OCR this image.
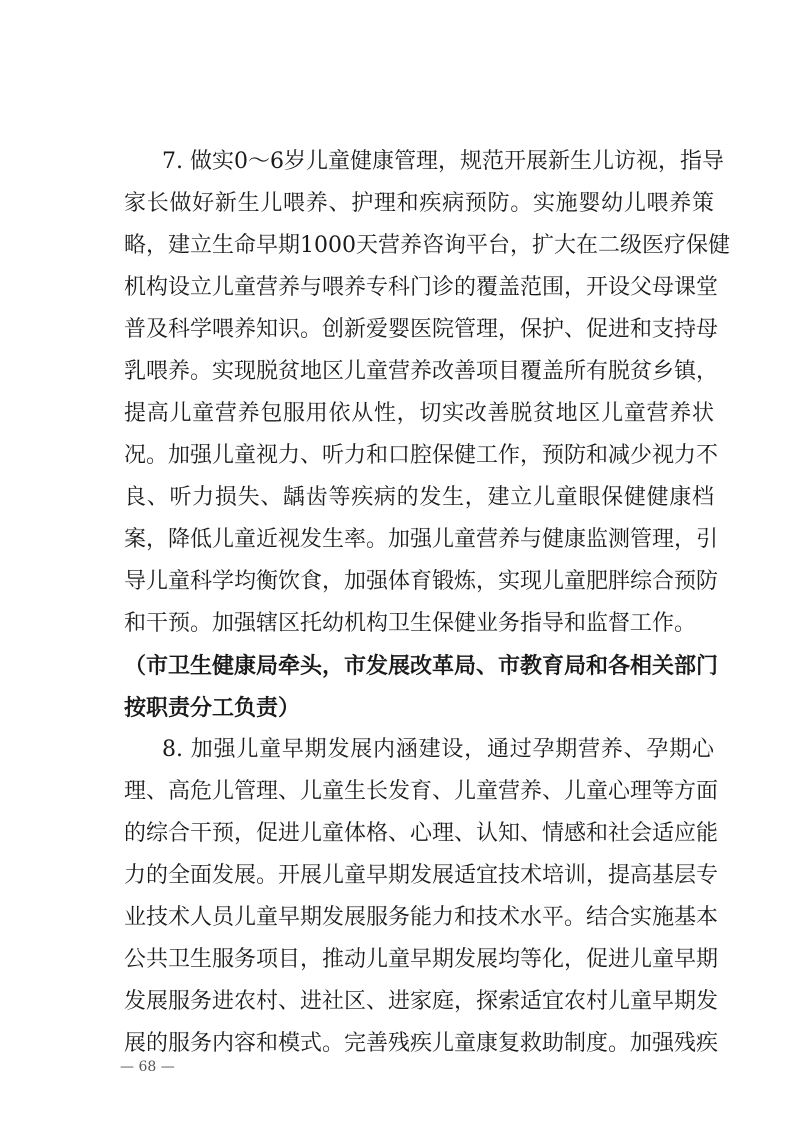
7. 做实0～6岁儿童健康管理，规范开展新生儿访视，指导
家长做好新生儿喂养、护理和疾病预防。实施婴幼儿喂养策
略，建立生命早期1000天营养咨询平台，扩大在二级医疗保健
机构设立儿童营养与喂养专科门诊的覆盖范围，开设父母课堂
普及科学喂养知识。创新爱婴医院管理，保护、促进和支持母
乳喂养。实现脱贫地区儿童营养改善项目覆盖所有脱贫乡镇，
提高儿童营养包服用依从性，切实改善脱贫地区儿童营养状
况。加强儿童视力、听力和口腔保健工作，预防和减少视力不
良、听力损失、龋齿等疾病的发生，建立儿童眼保健健康档
案，降低儿童近视发生率。加强儿童营养与健康监测管理，引
导儿童科学均衡饮食，加强体育锻炼，实现儿童肥胖综合预防
和干预。加强辖区托幼机构卫生保健业务指导和监督工作。
（市卫生健康局牵头，市发展改革局、市教育局和各相关部门
按职责分工负责）
8. 加强儿童早期发展内涵建设，通过孕期营养、孕期心
理、高危儿管理、儿童生长发育、儿童营养、儿童心理等方面
的综合干预，促进儿童体格、心理、认知、情感和社会适应能
力的全面发展。开展儿童早期发展适宜技术培训，提高基层专
业技术人员儿童早期发展服务能力和技术水平。结合实施基本
公共卫生服务项目，推动儿童早期发展均等化，促进儿童早期
发展服务进农村、进社区、进家庭，探索适宜农村儿童早期发
展的服务内容和模式。完善残疾儿童康复救助制度。加强残疾
— 68 —
